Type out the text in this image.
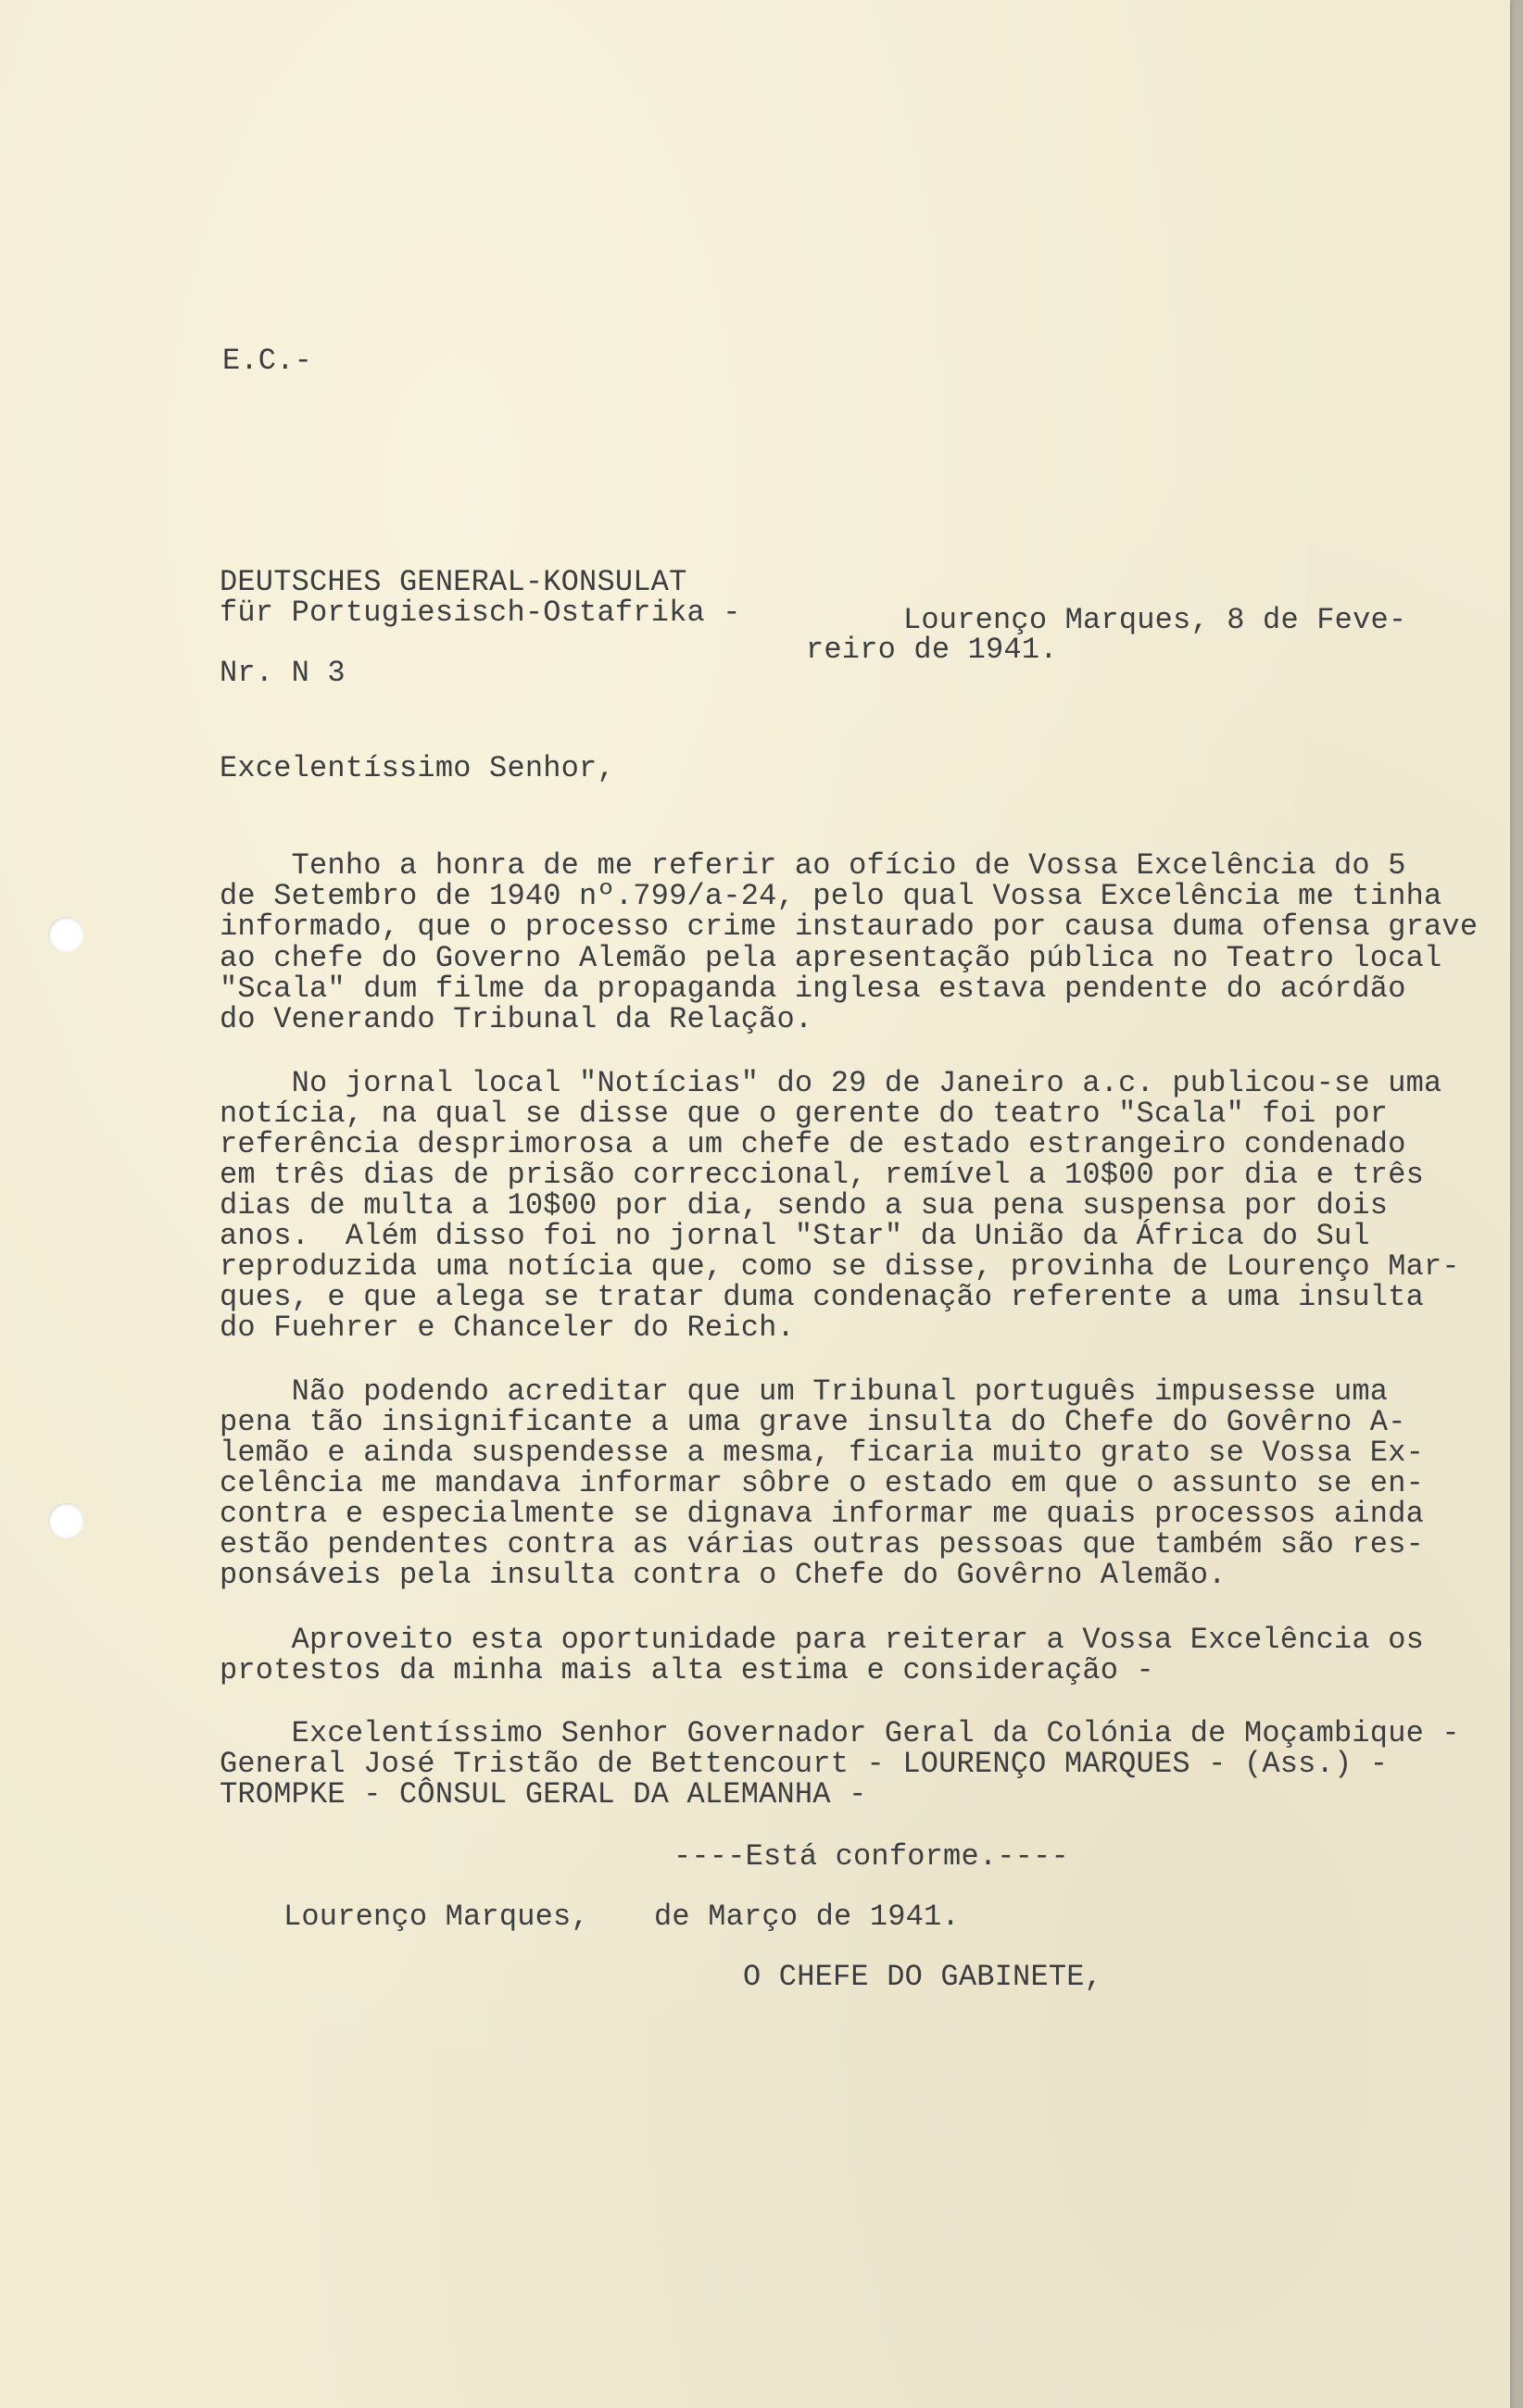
E.C.-
DEUTSCHES GENERAL-KONSULAT
für Portugiesisch-Ostafrika -
Nr. N 3
Lourenço Marques, 8 de Feve-
reiro de 1941.
Excelentíssimo Senhor,
Tenho a honra de me referir ao ofício de Vossa Excelência do 5
de Setembro de 1940 nº.799/a-24, pelo qual Vossa Excelência me tinha
informado, que o processo crime instaurado por causa duma ofensa grave
ao chefe do Governo Alemão pela apresentação pública no Teatro local
"Scala" dum filme da propaganda inglesa estava pendente do acórdão
do Venerando Tribunal da Relação.
No jornal local "Notícias" do 29 de Janeiro a.c. publicou-se uma
notícia, na qual se disse que o gerente do teatro "Scala" foi por
referência desprimorosa a um chefe de estado estrangeiro condenado
em três dias de prisão correccional, remível a 10$00 por dia e três
dias de multa a 10$00 por dia, sendo a sua pena suspensa por dois
anos.  Além disso foi no jornal "Star" da União da África do Sul
reproduzida uma notícia que, como se disse, provinha de Lourenço Mar-
ques, e que alega se tratar duma condenação referente a uma insulta
do Fuehrer e Chanceler do Reich.
Não podendo acreditar que um Tribunal português impusesse uma
pena tão insignificante a uma grave insulta do Chefe do Govêrno A-
lemão e ainda suspendesse a mesma, ficaria muito grato se Vossa Ex-
celência me mandava informar sôbre o estado em que o assunto se en-
contra e especialmente se dignava informar me quais processos ainda
estão pendentes contra as várias outras pessoas que também são res-
ponsáveis pela insulta contra o Chefe do Govêrno Alemão.
Aproveito esta oportunidade para reiterar a Vossa Excelência os
protestos da minha mais alta estima e consideração -
Excelentíssimo Senhor Governador Geral da Colónia de Moçambique -
General José Tristão de Bettencourt - LOURENÇO MARQUES - (Ass.) -
TROMPKE - CÔNSUL GERAL DA ALEMANHA -
----Está conforme.----
Lourenço Marques, de Março de 1941.
O CHEFE DO GABINETE,
